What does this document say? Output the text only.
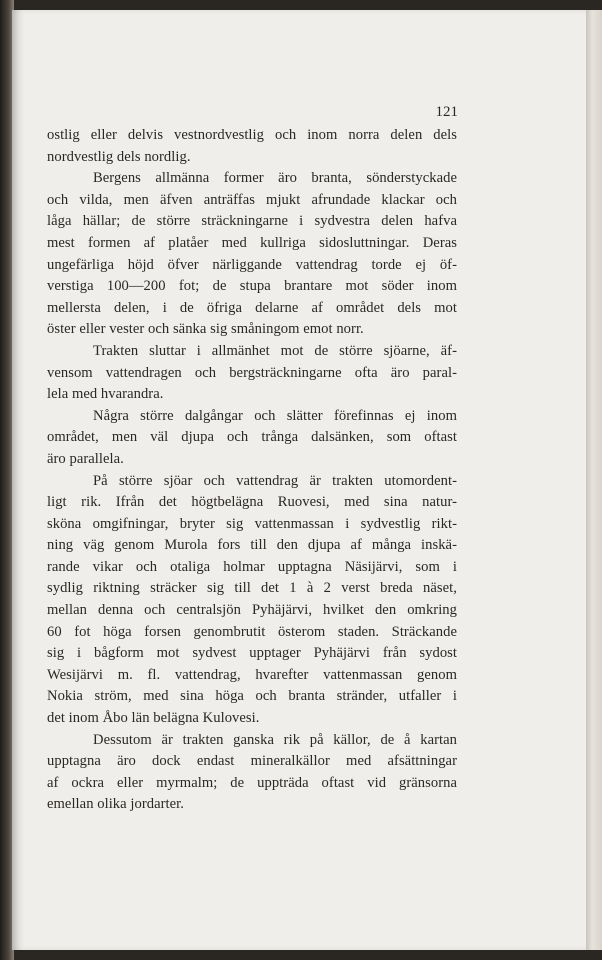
121
ostlig eller delvis vestnordvestlig och inom norra delen dels
nordvestlig dels nordlig.
Bergens allmänna former äro branta, sönderstyckade
och vilda, men äfven anträffas mjukt afrundade klackar och
låga hällar; de större sträckningarne i sydvestra delen hafva
mest formen af platåer med kullriga sidosluttningar. Deras
ungefärliga höjd öfver närliggande vattendrag torde ej öf-
verstiga 100—200 fot; de stupa brantare mot söder inom
mellersta delen, i de öfriga delarne af området dels mot
öster eller vester och sänka sig småningom emot norr.
Trakten sluttar i allmänhet mot de större sjöarne, äf-
vensom vattendragen och bergsträckningarne ofta äro paral-
lela med hvarandra.
Några större dalgångar och slätter förefinnas ej inom
området, men väl djupa och trånga dalsänken, som oftast
äro parallela.
På större sjöar och vattendrag är trakten utomordent-
ligt rik. Ifrån det högtbelägna Ruovesi, med sina natur-
sköna omgifningar, bryter sig vattenmassan i sydvestlig rikt-
ning väg genom Murola fors till den djupa af många inskä-
rande vikar och otaliga holmar upptagna Näsijärvi, som i
sydlig riktning sträcker sig till det 1 à 2 verst breda näset,
mellan denna och centralsjön Pyhäjärvi, hvilket den omkring
60 fot höga forsen genombrutit österom staden. Sträckande
sig i bågform mot sydvest upptager Pyhäjärvi från sydost
Wesijärvi m. fl. vattendrag, hvarefter vattenmassan genom
Nokia ström, med sina höga och branta stränder, utfaller i
det inom Åbo län belägna Kulovesi.
Dessutom är trakten ganska rik på källor, de å kartan
upptagna äro dock endast mineralkällor med afsättningar
af ockra eller myrmalm; de uppträda oftast vid gränsorna
emellan olika jordarter.
